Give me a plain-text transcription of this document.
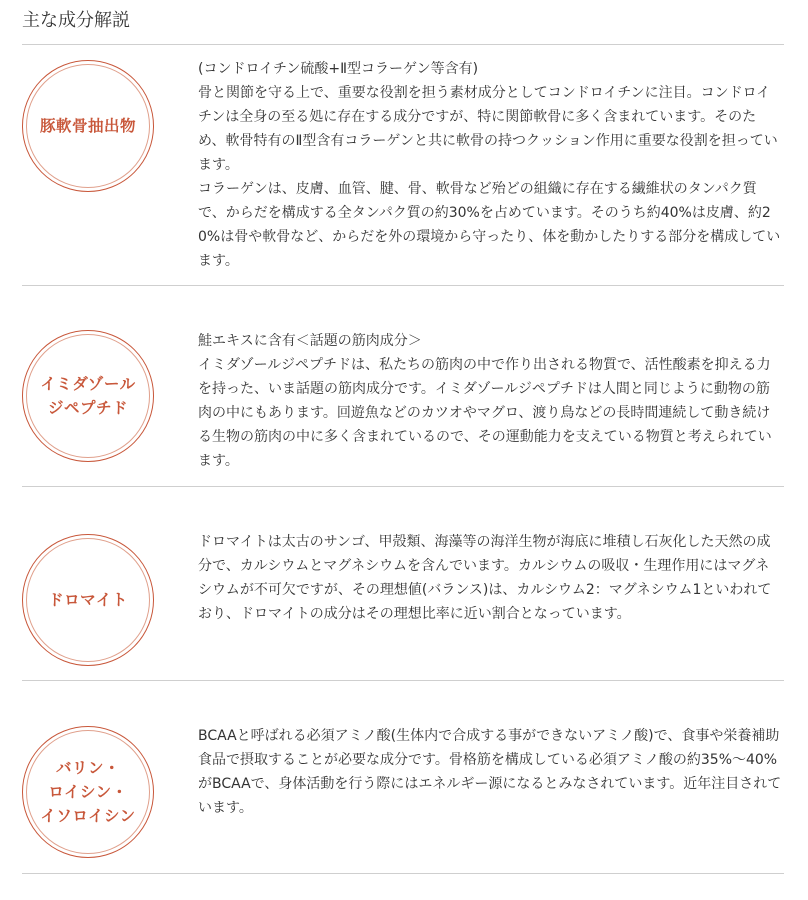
主な成分解説
豚軟骨抽出物

(コンドロイチン硫酸+Ⅱ型コラーゲン等含有)

骨と関節を守る上で、重要な役割を担う素材成分としてコンドロイチンに注目。コンドロイチンは全身の至る処に存在する成分ですが、特に関節軟骨に多く含まれています。そのため、軟骨特有のⅡ型含有コラーゲンと共に軟骨の持つクッション作用に重要な役割を担っています。

コラーゲンは、皮膚、血管、腱、骨、軟骨など殆どの組織に存在する繊維状のタンパク質で、からだを構成する全タンパク質の約30%を占めています。そのうち約40%は皮膚、約20%は骨や軟骨など、からだを外の環境から守ったり、体を動かしたりする部分を構成しています。

イミダゾール
ジペプチド

鮭エキスに含有＜話題の筋肉成分＞

イミダゾールジペプチドは、私たちの筋肉の中で作り出される物質で、活性酸素を抑える力を持った、いま話題の筋肉成分です。イミダゾールジペプチドは人間と同じように動物の筋肉の中にもあります。回遊魚などのカツオやマグロ、渡り鳥などの長時間連続して動き続ける生物の筋肉の中に多く含まれているので、その運動能力を支えている物質と考えられています。

ドロマイト

ドロマイトは太古のサンゴ、甲殻類、海藻等の海洋生物が海底に堆積し石灰化した天然の成分で、カルシウムとマグネシウムを含んでいます。カルシウムの吸収・生理作用にはマグネシウムが不可欠ですが、その理想値(バランス)は、カルシウム2：マグネシウム1といわれており、ドロマイトの成分はその理想比率に近い割合となっています。

バリン・
ロイシン・
イソロイシン

BCAAと呼ばれる必須アミノ酸(生体内で合成する事ができないアミノ酸)で、食事や栄養補助食品で摂取することが必要な成分です。骨格筋を構成している必須アミノ酸の約35%～40%がBCAAで、身体活動を行う際にはエネルギー源になるとみなされています。近年注目されています。
